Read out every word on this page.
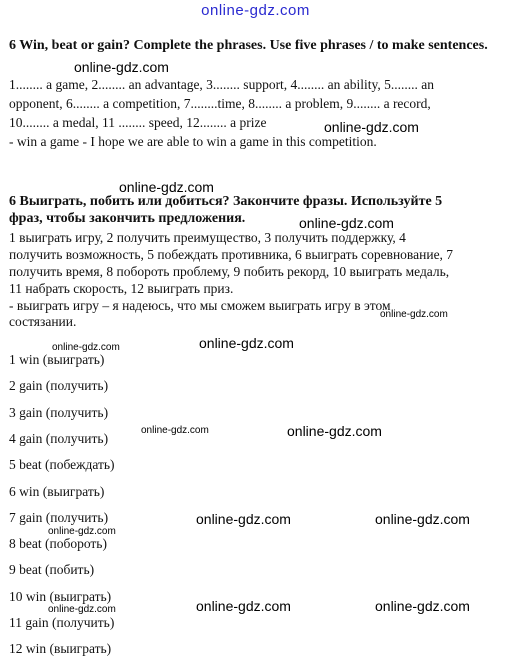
online-gdz.com
6 Win, beat or gain? Complete the phrases. Use five phrases / to make sentences.
1........ a game, 2........ an advantage, 3........ support, 4........ an ability, 5........ an
opponent, 6........ a competition, 7........time, 8........ a problem, 9........ a record,
10........ a medal, 11 ........ speed, 12........ a prize
- win a game - I hope we are able to win a game in this competition.
6 Выиграть, побить или добиться? Закончите фразы. Используйте 5
фраз, чтобы закончить предложения.
1 выиграть игру, 2 получить преимущество, 3 получить поддержку, 4
получить возможность, 5 побеждать противника, 6 выиграть соревнование, 7
получить время, 8 побороть проблему, 9 побить рекорд, 10 выиграть медаль,
11 набрать скорость, 12 выиграть приз.
- выиграть игру – я надеюсь, что мы сможем выиграть игру в этом
состязании.
1 win (выиграть)
2 gain (получить)
3 gain (получить)
4 gain (получить)
5 beat (побеждать)
6 win (выиграть)
7 gain (получить)
8 beat (побороть)
9 beat (побить)
10 win (выиграть)
11 gain (получить)
12 win (выиграть)
online-gdz.com
online-gdz.com
online-gdz.com
online-gdz.com
online-gdz.com
online-gdz.com
online-gdz.com
online-gdz.com	online-gdz.com
online-gdz.com	online-gdz.com
online-gdz.com
online-gdz.com	online-gdz.com
online-gdz.com
